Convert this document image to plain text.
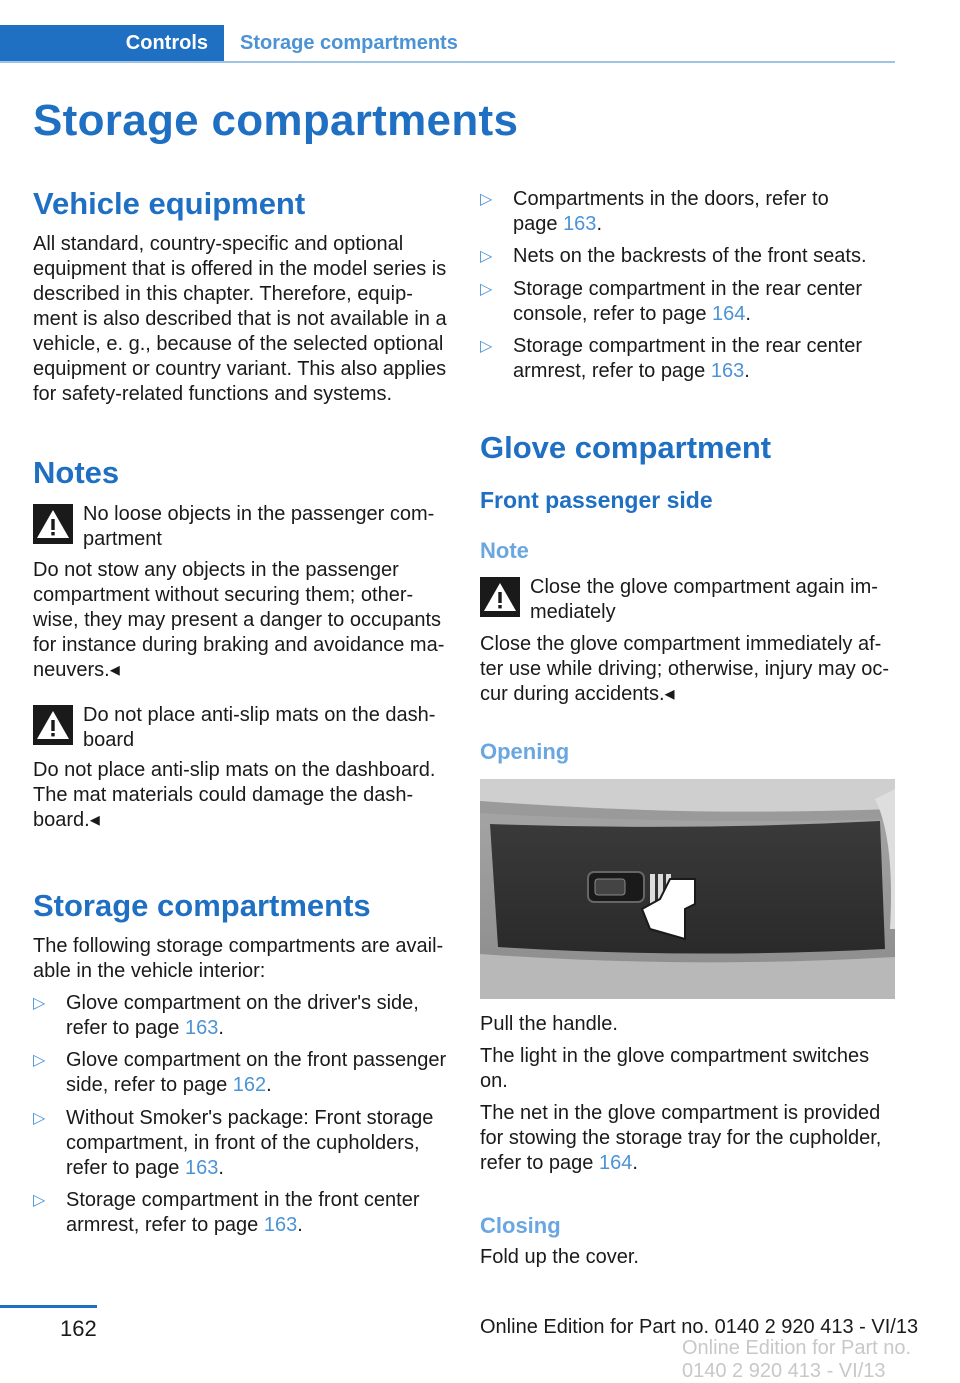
Controls	Storage compartments
Storage compartments
Vehicle equipment
All standard, country-specific and optional
equipment that is offered in the model series is
described in this chapter. Therefore, equip-
ment is also described that is not available in a
vehicle, e. g., because of the selected optional
equipment or country variant. This also applies
for safety-related functions and systems.
Notes
No loose objects in the passenger com-
partment
Do not stow any objects in the passenger
compartment without securing them; other-
wise, they may present a danger to occupants
for instance during braking and avoidance ma-
neuvers.◂
Do not place anti-slip mats on the dash-
board
Do not place anti-slip mats on the dashboard.
The mat materials could damage the dash-
board.◂
Storage compartments
The following storage compartments are avail-
able in the vehicle interior:
▷ Glove compartment on the driver's side,
refer to page 163.
▷ Glove compartment on the front passenger
side, refer to page 162.
▷ Without Smoker's package: Front storage
compartment, in front of the cupholders,
refer to page 163.
▷ Storage compartment in the front center
armrest, refer to page 163.
▷ Compartments in the doors, refer to
page 163.
▷ Nets on the backrests of the front seats.
▷ Storage compartment in the rear center
console, refer to page 164.
▷ Storage compartment in the rear center
armrest, refer to page 163.
Glove compartment
Front passenger side
Note
Close the glove compartment again im-
mediately
Close the glove compartment immediately af-
ter use while driving; otherwise, injury may oc-
cur during accidents.◂
Opening
Pull the handle.
The light in the glove compartment switches
on.
The net in the glove compartment is provided
for stowing the storage tray for the cupholder,
refer to page 164.
Closing
Fold up the cover.
162	Online Edition for Part no. 0140 2 920 413 - VI/13
Online Edition for Part no. 0140 2 920 413 - VI/13
